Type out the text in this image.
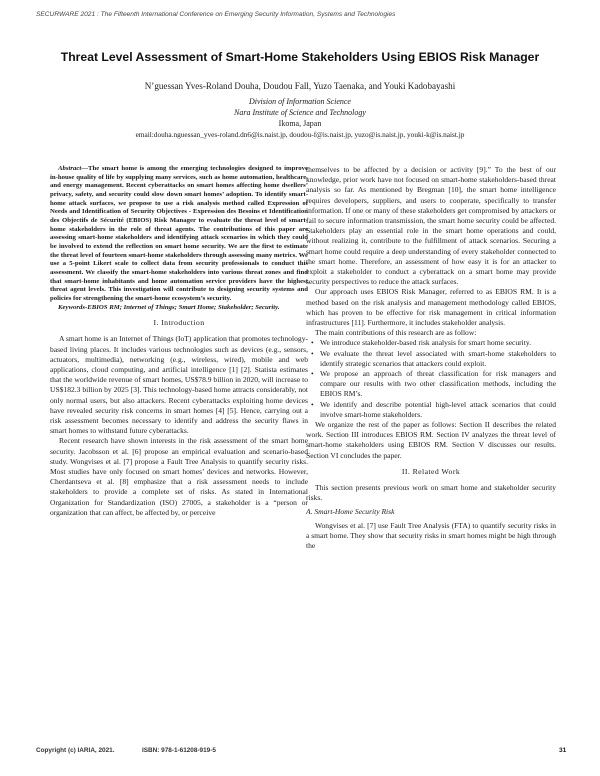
SECURWARE 2021 : The Fifteenth International Conference on Emerging Security Information, Systems and Technologies
Threat Level Assessment of Smart-Home Stakeholders Using EBIOS Risk Manager
N’guessan Yves-Roland Douha, Doudou Fall, Yuzo Taenaka, and Youki Kadobayashi
Division of Information Science
Nara Institute of Science and Technology
Ikoma, Japan
email:douha.nguessan_yves-roland.dn6@is.naist.jp, doudou-f@is.naist.jp, yuzo@is.naist.jp, youki-k@is.naist.jp

Abstract—The smart home is among the emerging technologies designed to improve in-house quality of life by supplying many services, such as home automation, healthcare, and energy management. Recent cyberattacks on smart homes affecting home dwellers’ privacy, safety, and security could slow down smart homes’ adoption. To identify smart-home attack surfaces, we propose to use a risk analysis method called Expression of Needs and Identification of Security Objectives - Expression des Besoins et Identification des Objectifs de Sécurité (EBIOS) Risk Manager to evaluate the threat level of smart-home stakeholders in the role of threat agents. The contributions of this paper are assessing smart-home stakeholders and identifying attack scenarios in which they could be involved to extend the reflection on smart home security. We are the first to estimate the threat level of fourteen smart-home stakeholders through assessing many metrics. We use a 5-point Likert scale to collect data from security professionals to conduct this assessment. We classify the smart-home stakeholders into various threat zones and find that smart-home inhabitants and home automation service providers have the highest threat agent levels. This investigation will contribute to designing security systems and policies for strengthening the smart-home ecosystem’s security.

Keywords-EBIOS RM; Internet of Things; Smart Home; Stakeholder; Security.

I. Introduction

A smart home is an Internet of Things (IoT) application that promotes technology-based living places. It includes various technologies such as devices (e.g., sensors, actuators, multimedia), networking (e.g., wireless, wired), mobile and web applications, cloud computing, and artificial intelligence [1] [2]. Statista estimates that the worldwide revenue of smart homes, US$78.9 billion in 2020, will increase to US$182.3 billion by 2025 [3]. This technology-based home attracts considerably, not only normal users, but also attackers. Recent cyberattacks exploiting home devices have revealed security risk concerns in smart homes [4] [5]. Hence, carrying out a risk assessment becomes necessary to identify and address the security flaws in smart homes to withstand future cyberattacks.

Recent research have shown interests in the risk assessment of the smart home security. Jacobsson et al. [6] propose an empirical evaluation and scenario-based study. Wongvises et al. [7] propose a Fault Tree Analysis to quantify security risks. Most studies have only focused on smart homes’ devices and networks. However, Cherdantseva et al. [8] emphasize that a risk assessment needs to include stakeholders to provide a complete set of risks. As stated in International Organization for Standardization (ISO) 27005, a stakeholder is a “person or organization that can affect, be affected by, or perceive

themselves to be affected by a decision or activity [9].” To the best of our knowledge, prior work have not focused on smart-home stakeholders-based threat analysis so far. As mentioned by Bregman [10], the smart home intelligence requires developers, suppliers, and users to cooperate, specifically to transfer information. If one or many of these stakeholders get compromised by attackers or fail to secure information transmission, the smart home security could be affected. Stakeholders play an essential role in the smart home operations and could, without realizing it, contribute to the fulfillment of attack scenarios. Securing a smart home could require a deep understanding of every stakeholder connected to the smart home. Therefore, an assessment of how easy it is for an attacker to exploit a stakeholder to conduct a cyberattack on a smart home may provide security perspectives to reduce the attack surfaces.

Our approach uses EBIOS Risk Manager, referred to as EBIOS RM. It is a method based on the risk analysis and management methodology called EBIOS, which has proven to be effective for risk management in critical information infrastructures [11]. Furthermore, it includes stakeholder analysis.

The main contributions of this research are as follow:

• We introduce stakeholder-based risk analysis for smart home security.
• We evaluate the threat level associated with smart-home stakeholders to identify strategic scenarios that attackers could exploit.
• We propose an approach of threat classification for risk managers and compare our results with two other classification methods, including the EBIOS RM’s.
• We identify and describe potential high-level attack scenarios that could involve smart-home stakeholders.

We organize the rest of the paper as follows: Section II describes the related work. Section III introduces EBIOS RM. Section IV analyzes the threat level of smart-home stakeholders using EBIOS RM. Section V discusses our results. Section VI concludes the paper.

II. Related Work

This section presents previous work on smart home and stakeholder security risks.

A. Smart-Home Security Risk

Wongvises et al. [7] use Fault Tree Analysis (FTA) to quantify security risks in a smart home. They show that security risks in smart homes might be high through the

Copyright (c) IARIA, 2021.	ISBN: 978-1-61208-919-5	31
